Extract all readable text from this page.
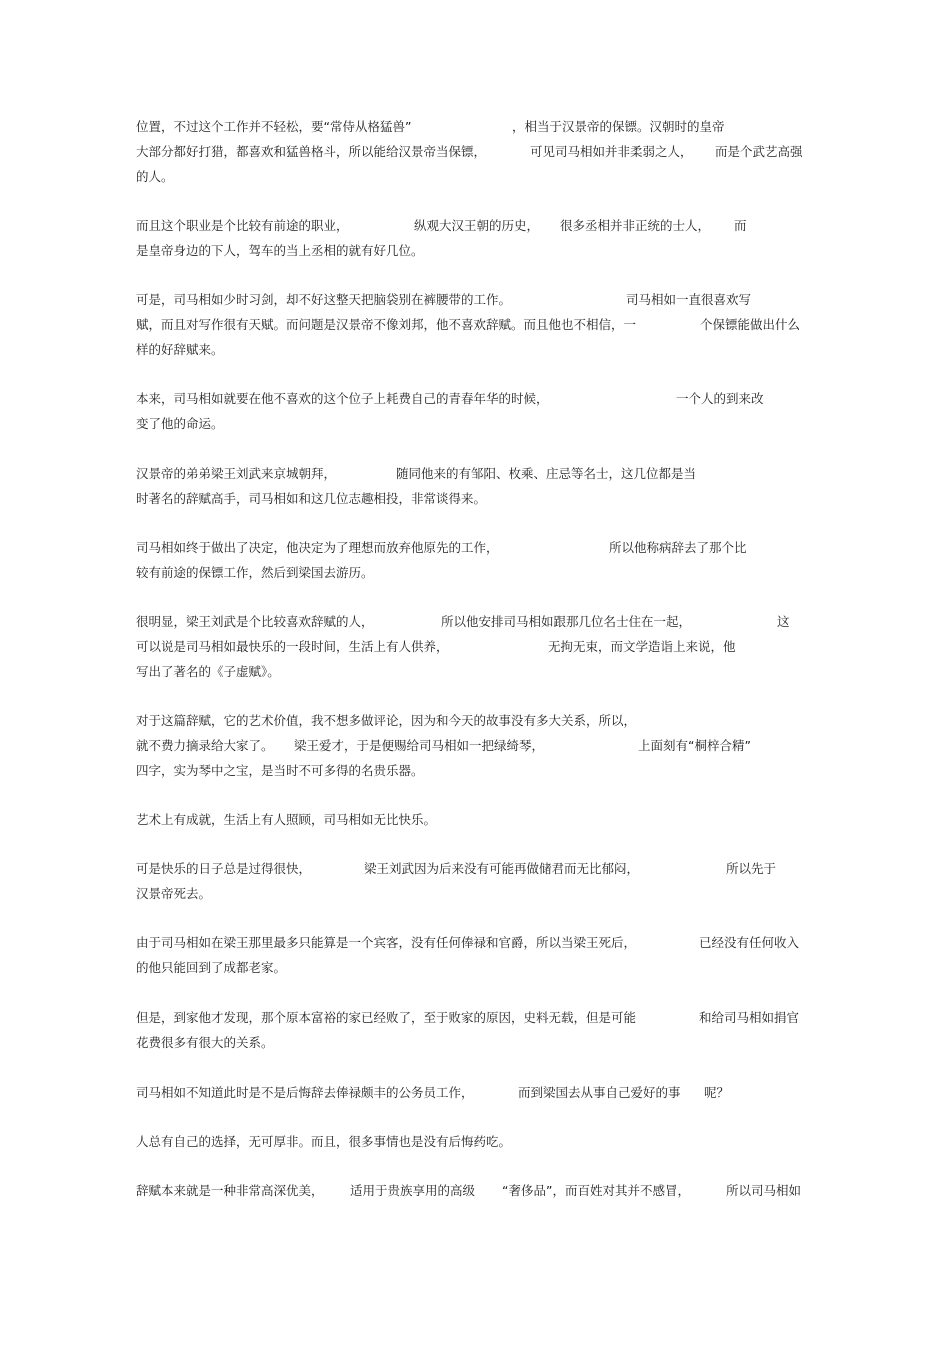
位置，不过这个工作并不轻松，要“常侍从格猛兽”	，相当于汉景帝的保镖。汉朝时的皇帝
大部分都好打猎，都喜欢和猛兽格斗，所以能给汉景帝当保镖，	可见司马相如并非柔弱之人，	而是个武艺高强
的人。
而且这个职业是个比较有前途的职业，	纵观大汉王朝的历史，	很多丞相并非正统的士人，	而
是皇帝身边的下人，驾车的当上丞相的就有好几位。
可是，司马相如少时习剑，却不好这整天把脑袋别在裤腰带的工作。	司马相如一直很喜欢写
赋，而且对写作很有天赋。而问题是汉景帝不像刘邦，他不喜欢辞赋。而且他也不相信，一	个保镖能做出什么
样的好辞赋来。
本来，司马相如就要在他不喜欢的这个位子上耗费自己的青春年华的时候，	一个人的到来改
变了他的命运。
汉景帝的弟弟梁王刘武来京城朝拜，	随同他来的有邹阳、枚乘、庄忌等名士，这几位都是当
时著名的辞赋高手，司马相如和这几位志趣相投，非常谈得来。
司马相如终于做出了决定，他决定为了理想而放弃他原先的工作，	所以他称病辞去了那个比
较有前途的保镖工作，然后到梁国去游历。
很明显，梁王刘武是个比较喜欢辞赋的人，	所以他安排司马相如跟那几位名士住在一起，	这
可以说是司马相如最快乐的一段时间，生活上有人供养，	无拘无束，而文学造诣上来说，他
写出了著名的《子虚赋》。
对于这篇辞赋，它的艺术价值，我不想多做评论，因为和今天的故事没有多大关系，所以，
就不费力摘录给大家了。	梁王爱才，于是便赐给司马相如一把绿绮琴，	上面刻有“桐梓合精”
四字，实为琴中之宝，是当时不可多得的名贵乐器。
艺术上有成就，生活上有人照顾，司马相如无比快乐。
可是快乐的日子总是过得很快，	梁王刘武因为后来没有可能再做储君而无比郁闷，	所以先于
汉景帝死去。
由于司马相如在梁王那里最多只能算是一个宾客，没有任何俸禄和官爵，所以当梁王死后，	已经没有任何收入
的他只能回到了成都老家。
但是，到家他才发现，那个原本富裕的家已经败了，至于败家的原因，史料无载，但是可能	和给司马相如捐官
花费很多有很大的关系。
司马相如不知道此时是不是后悔辞去俸禄颇丰的公务员工作，	而到梁国去从事自己爱好的事	呢？
人总有自己的选择，无可厚非。而且，很多事情也是没有后悔药吃。
辞赋本来就是一种非常高深优美，	适用于贵族享用的高级	“奢侈品”，而百姓对其并不感冒，	所以司马相如
